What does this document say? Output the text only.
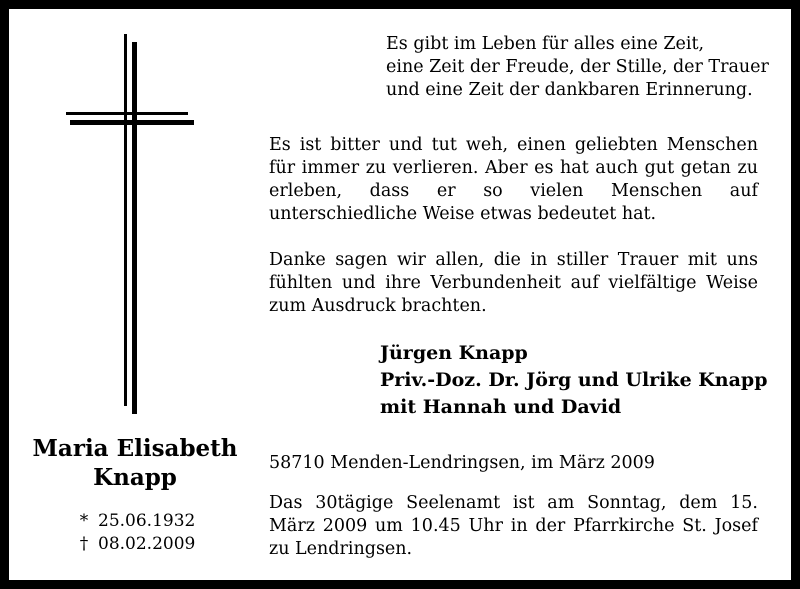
Es gibt im Leben für alles eine Zeit,
eine Zeit der Freude, der Stille, der Trauer
und eine Zeit der dankbaren Erinnerung.
Es ist bitter und tut weh, einen geliebten Menschen für immer zu verlieren. Aber es hat auch gut getan zu erleben, dass er so vielen Menschen auf unterschiedliche Weise etwas bedeutet hat.
Danke sagen wir allen, die in stiller Trauer mit uns fühlten und ihre Verbundenheit auf vielfältige Weise zum Ausdruck brachten.
Jürgen Knapp
Priv.-Doz. Dr. Jörg und Ulrike Knapp
mit Hannah und David
Maria Elisabeth
Knapp
* 25.06.1932
† 08.02.2009
58710 Menden-Lendringsen, im März 2009
Das 30tägige Seelenamt ist am Sonntag, dem 15. März 2009 um 10.45 Uhr in der Pfarrkirche St. Josef zu Lendringsen.
